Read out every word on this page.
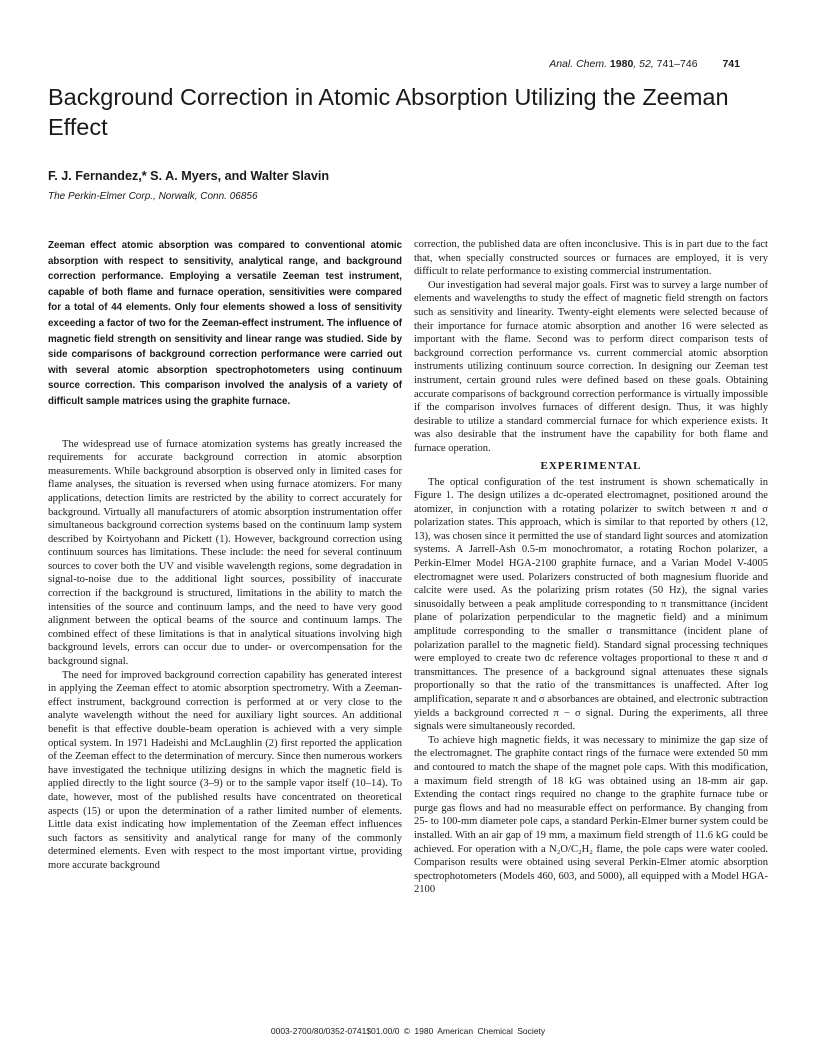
Anal. Chem. 1980, 52, 741–746 741
Background Correction in Atomic Absorption Utilizing the Zeeman Effect
F. J. Fernandez,* S. A. Myers, and Walter Slavin
The Perkin-Elmer Corp., Norwalk, Conn. 06856

Zeeman effect atomic absorption was compared to conventional atomic absorption with respect to sensitivity, analytical range, and background correction performance. Employing a versatile Zeeman test instrument, capable of both flame and furnace operation, sensitivities were compared for a total of 44 elements. Only four elements showed a loss of sensitivity exceeding a factor of two for the Zeeman-effect instrument. The influence of magnetic field strength on sensitivity and linear range was studied. Side by side comparisons of background correction performance were carried out with several atomic absorption spectrophotometers using continuum source correction. This comparison involved the analysis of a variety of difficult sample matrices using the graphite furnace.

The widespread use of furnace atomization systems has greatly increased the requirements for accurate background correction in atomic absorption measurements. While background absorption is observed only in limited cases for flame analyses, the situation is reversed when using furnace atomizers. For many applications, detection limits are restricted by the ability to correct accurately for background. Virtually all manufacturers of atomic absorption instrumentation offer simultaneous background correction systems based on the continuum lamp system described by Koirtyohann and Pickett (1). However, background correction using continuum sources has limitations. These include: the need for several continuum sources to cover both the UV and visible wavelength regions, some degradation in signal-to-noise due to the additional light sources, possibility of inaccurate correction if the background is structured, limitations in the ability to match the intensities of the source and continuum lamps, and the need to have very good alignment between the optical beams of the source and continuum lamps. The combined effect of these limitations is that in analytical situations involving high background levels, errors can occur due to under- or overcompensation for the background signal.

The need for improved background correction capability has generated interest in applying the Zeeman effect to atomic absorption spectrometry. With a Zeeman-effect instrument, background correction is performed at or very close to the analyte wavelength without the need for auxiliary light sources. An additional benefit is that effective double-beam operation is achieved with a very simple optical system. In 1971 Hadeishi and McLaughlin (2) first reported the application of the Zeeman effect to the determination of mercury. Since then numerous workers have investigated the technique utilizing designs in which the magnetic field is applied directly to the light source (3–9) or to the sample vapor itself (10–14). To date, however, most of the published results have concentrated on theoretical aspects (15) or upon the determination of a rather limited number of elements. Little data exist indicating how implementation of the Zeeman effect influences such factors as sensitivity and analytical range for many of the commonly determined elements. Even with respect to the most important virtue, providing more accurate background

correction, the published data are often inconclusive. This is in part due to the fact that, when specially constructed sources or furnaces are employed, it is very difficult to relate performance to existing commercial instrumentation.

Our investigation had several major goals. First was to survey a large number of elements and wavelengths to study the effect of magnetic field strength on factors such as sensitivity and linearity. Twenty-eight elements were selected because of their importance for furnace atomic absorption and another 16 were selected as important with the flame. Second was to perform direct comparison tests of background correction performance vs. current commercial atomic absorption instruments utilizing continuum source correction. In designing our Zeeman test instrument, certain ground rules were defined based on these goals. Obtaining accurate comparisons of background correction performance is virtually impossible if the comparison involves furnaces of different design. Thus, it was highly desirable to utilize a standard commercial furnace for which experience exists. It was also desirable that the instrument have the capability for both flame and furnace operation.

EXPERIMENTAL

The optical configuration of the test instrument is shown schematically in Figure 1. The design utilizes a dc-operated electromagnet, positioned around the atomizer, in conjunction with a rotating polarizer to switch between π and σ polarization states. This approach, which is similar to that reported by others (12, 13), was chosen since it permitted the use of standard light sources and atomization systems. A Jarrell-Ash 0.5-m monochromator, a rotating Rochon polarizer, a Perkin-Elmer Model HGA-2100 graphite furnace, and a Varian Model V-4005 electromagnet were used. Polarizers constructed of both magnesium fluoride and calcite were used. As the polarizing prism rotates (50 Hz), the signal varies sinusoidally between a peak amplitude corresponding to π transmittance (incident plane of polarization perpendicular to the magnetic field) and a minimum amplitude corresponding to the smaller σ transmittance (incident plane of polarization parallel to the magnetic field). Standard signal processing techniques were employed to create two dc reference voltages proportional to these π and σ transmittances. The presence of a background signal attenuates these signals proportionally so that the ratio of the transmittances is unaffected. After log amplification, separate π and σ absorbances are obtained, and electronic subtraction yields a background corrected π − σ signal. During the experiments, all three signals were simultaneously recorded.

To achieve high magnetic fields, it was necessary to minimize the gap size of the electromagnet. The graphite contact rings of the furnace were extended 50 mm and contoured to match the shape of the magnet pole caps. With this modification, a maximum field strength of 18 kG was obtained using an 18-mm air gap. Extending the contact rings required no change to the graphite furnace tube or purge gas flows and had no measurable effect on performance. By changing from 25- to 100-mm diameter pole caps, a standard Perkin-Elmer burner system could be installed. With an air gap of 19 mm, a maximum field strength of 11.6 kG could be achieved. For operation with a N₂O/C₂H₂ flame, the pole caps were water cooled. Comparison results were obtained using several Perkin-Elmer atomic absorption spectrophotometers (Models 460, 603, and 5000), all equipped with a Model HGA-2100

0003-2700/80/0352-0741$01.00/0 © 1980 American Chemical Society
